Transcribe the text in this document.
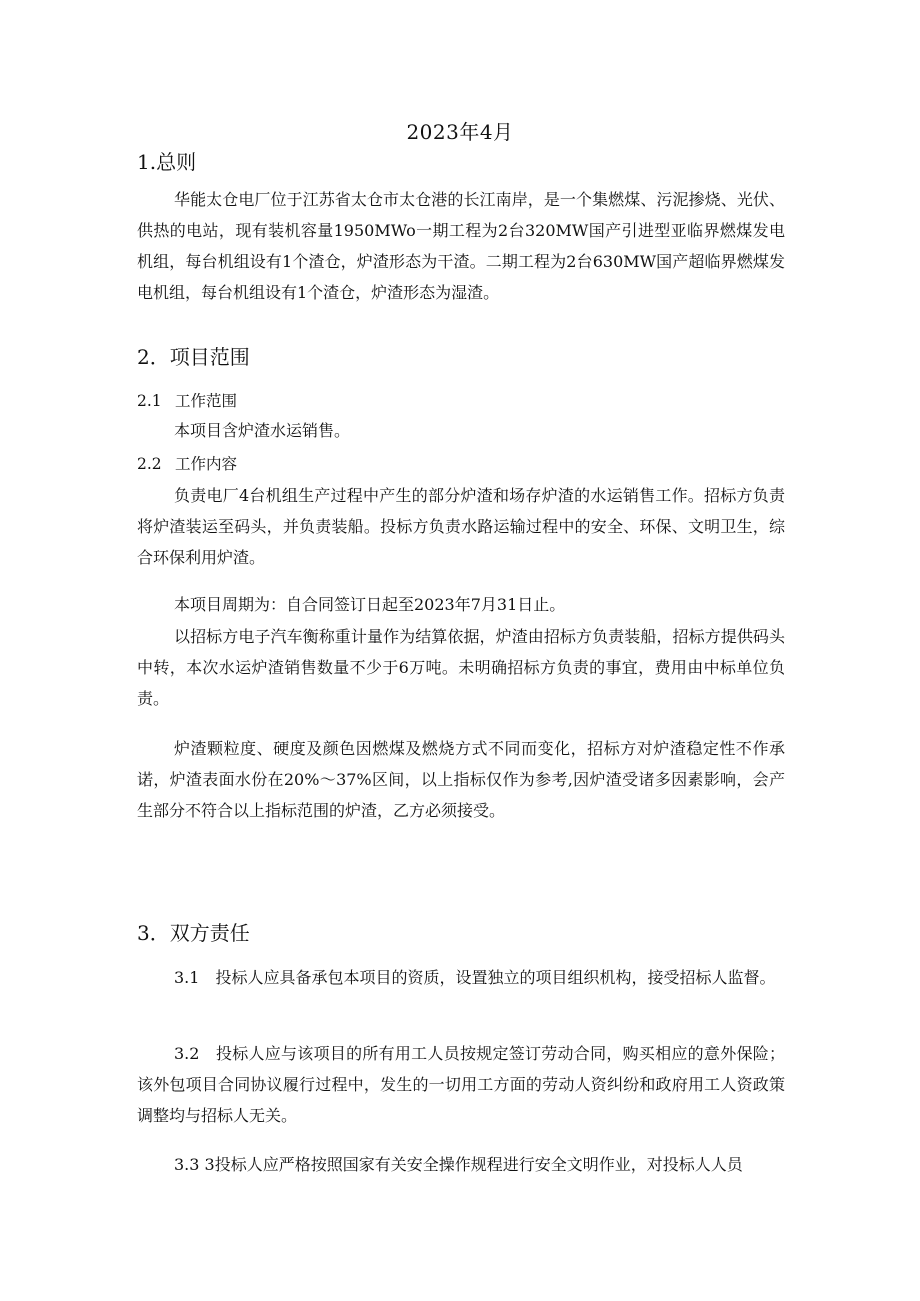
2023年4月
1.总则

华能太仓电厂位于江苏省太仓市太仓港的长江南岸，是一个集燃煤、污泥掺烧、光伏、供热的电站，现有装机容量1950MWo一期工程为2台320MW国产引进型亚临界燃煤发电机组，每台机组设有1个渣仓，炉渣形态为干渣。二期工程为2台630MW国产超临界燃煤发电机组，每台机组设有1个渣仓，炉渣形态为湿渣。

2．项目范围
2.1 工作范围

本项目含炉渣水运销售。

2.2 工作内容

负责电厂4台机组生产过程中产生的部分炉渣和场存炉渣的水运销售工作。招标方负责将炉渣装运至码头，并负责装船。投标方负责水路运输过程中的安全、环保、文明卫生，综合环保利用炉渣。

本项目周期为：自合同签订日起至2023年7月31日止。

以招标方电子汽车衡称重计量作为结算依据，炉渣由招标方负责装船，招标方提供码头中转，本次水运炉渣销售数量不少于6万吨。未明确招标方负责的事宜，费用由中标单位负责。

炉渣颗粒度、硬度及颜色因燃煤及燃烧方式不同而变化，招标方对炉渣稳定性不作承诺，炉渣表面水份在20%～37%区间，以上指标仅作为参考,因炉渣受诸多因素影响，会产生部分不符合以上指标范围的炉渣，乙方必须接受。

3．双方责任

3.1　投标人应具备承包本项目的资质，设置独立的项目组织机构，接受招标人监督。

3.2　投标人应与该项目的所有用工人员按规定签订劳动合同，购买相应的意外保险；该外包项目合同协议履行过程中，发生的一切用工方面的劳动人资纠纷和政府用工人资政策调整均与招标人无关。

3.3 3投标人应严格按照国家有关安全操作规程进行安全文明作业，对投标人人员
